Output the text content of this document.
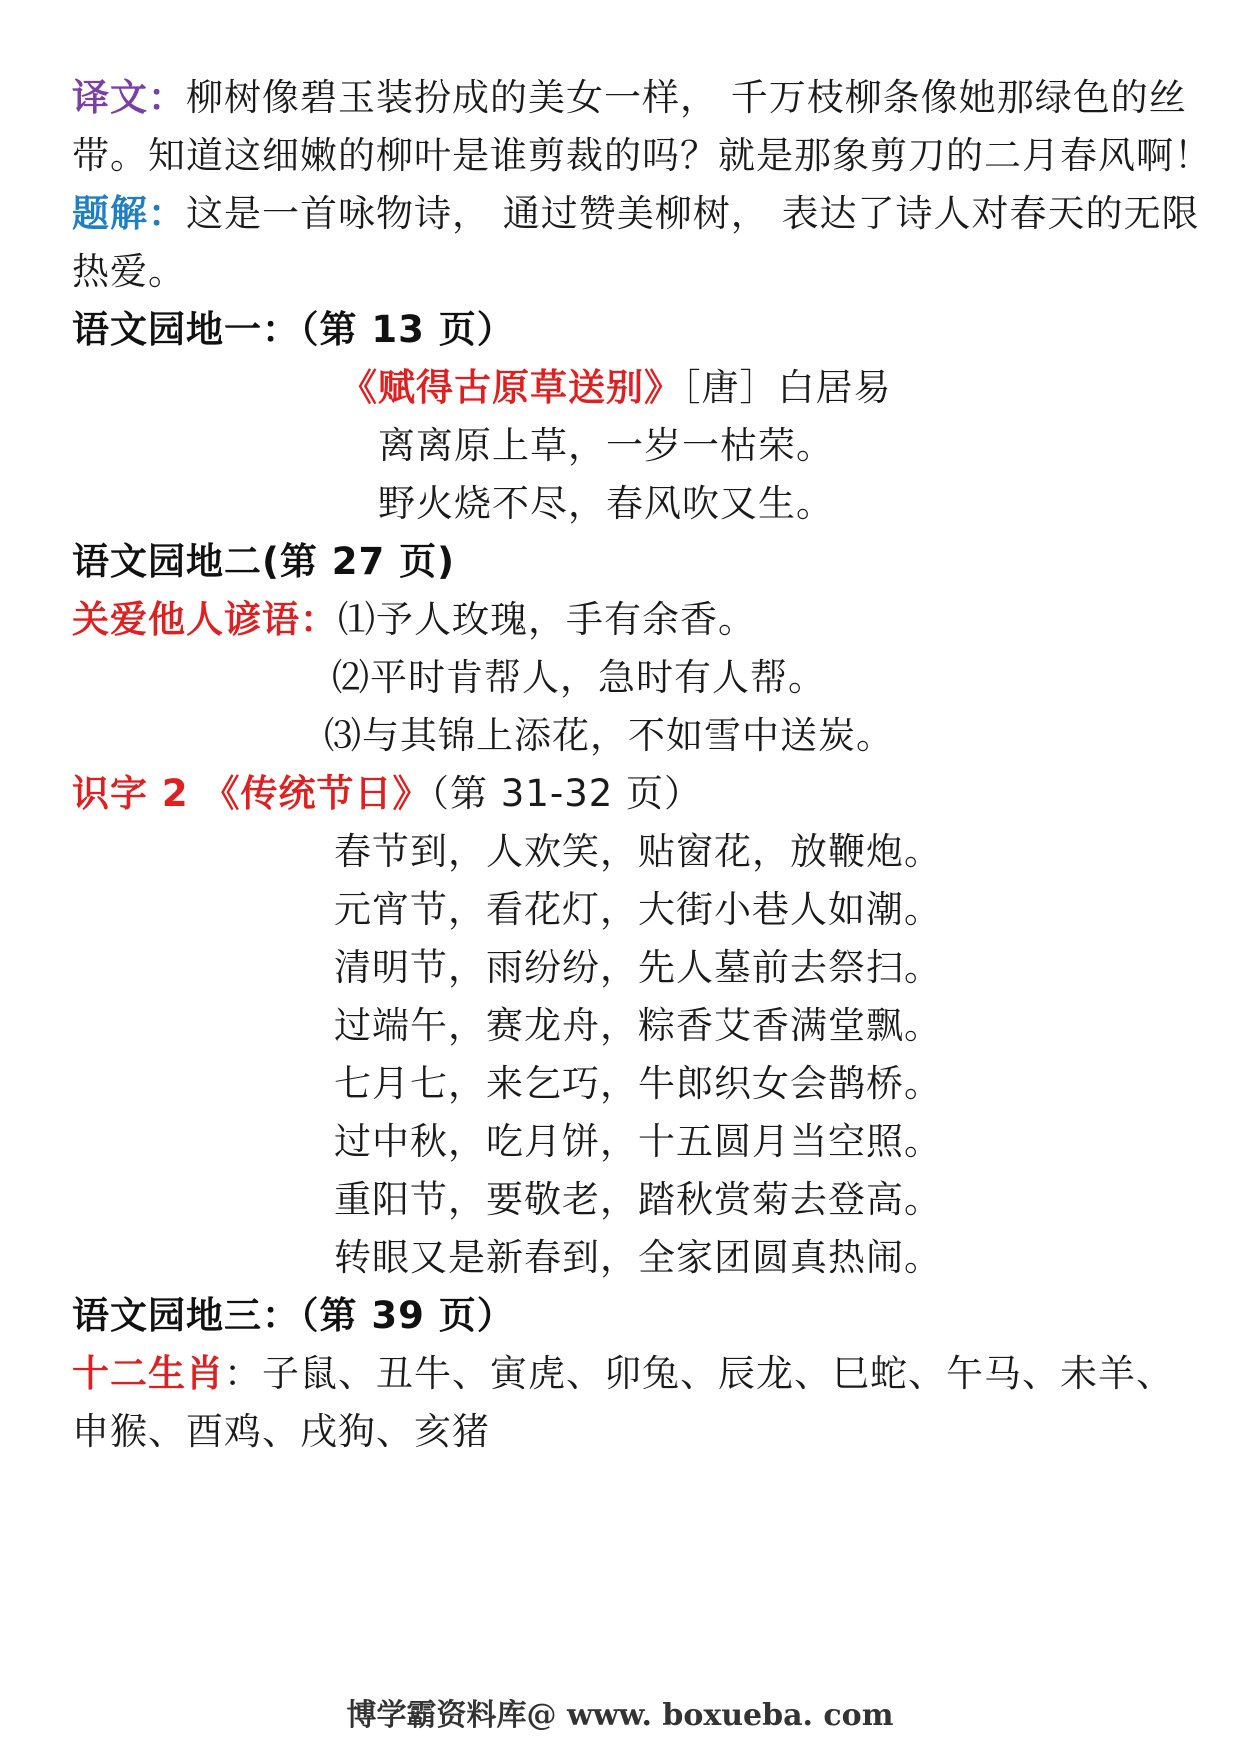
译文：柳树像碧玉装扮成的美女一样， 千万枝柳条像她那绿色的丝
带。知道这细嫩的柳叶是谁剪裁的吗？就是那象剪刀的二月春风啊！
题解：这是一首咏物诗， 通过赞美柳树， 表达了诗人对春天的无限
热爱。
语文园地一：（第 13 页）
《赋得古原草送别》［唐］白居易
离离原上草，一岁一枯荣。
野火烧不尽，春风吹又生。
语文园地二(第 27 页)
关爱他人谚语：⑴予人玫瑰，手有余香。
⑵平时肯帮人，急时有人帮。
⑶与其锦上添花，不如雪中送炭。
识字 2 《传统节日》（第 31-32 页）
春节到，人欢笑，贴窗花，放鞭炮。
元宵节，看花灯，大街小巷人如潮。
清明节，雨纷纷，先人墓前去祭扫。
过端午，赛龙舟，粽香艾香满堂飘。
七月七，来乞巧，牛郎织女会鹊桥。
过中秋，吃月饼，十五圆月当空照。
重阳节，要敬老，踏秋赏菊去登高。
转眼又是新春到，全家团圆真热闹。
语文园地三：（第 39 页）
十二生肖：子鼠、丑牛、寅虎、卯兔、辰龙、巳蛇、午马、未羊、
申猴、酉鸡、戌狗、亥猪
博学霸资料库@ www. boxueba. com
